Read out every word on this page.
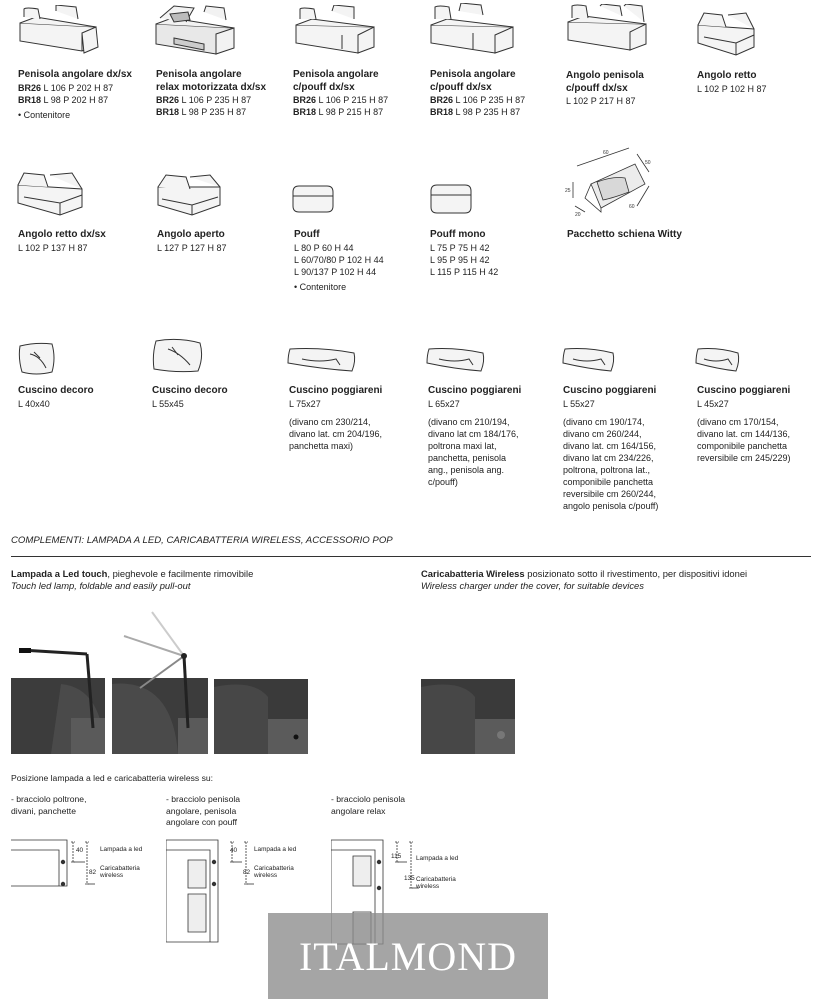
Penisola angolare dx/sx
BR26 L 106 P 202 H 87
BR18 L 98 P 202 H 87
• Contenitore
Penisola angolare
relax motorizzata dx/sx
BR26 L 106 P 235 H 87
BR18 L 98 P 235 H 87
Penisola angolare
c/pouff dx/sx
BR26 L 106 P 215 H 87
BR18 L 98 P 215 H 87
Penisola angolare
c/pouff dx/sx
BR26 L 106 P 235 H 87
BR18 L 98 P 235 H 87
Angolo penisola
c/pouff dx/sx
L 102 P 217 H 87
Angolo retto
L 102 P 102 H 87
60
50
25
20
60
Angolo retto dx/sx
L 102 P 137 H 87
Angolo aperto
L 127 P 127 H 87
Pouff
L 80 P 60 H 44
L 60/70/80 P 102 H 44
L 90/137 P 102 H 44
• Contenitore
Pouff mono
L 75 P 75 H 42
L 95 P 95 H 42
L 115 P 115 H 42
Pacchetto schiena Witty
Cuscino decoro
L 40x40
Cuscino decoro
L 55x45
Cuscino poggiareni
L 75x27
(divano cm 230/214,
divano lat. cm 204/196,
panchetta maxi)
Cuscino poggiareni
L 65x27
(divano cm 210/194,
divano lat cm 184/176,
poltrona maxi lat,
panchetta, penisola
ang., penisola ang.
c/pouff)
Cuscino poggiareni
L 55x27
(divano cm 190/174,
divano cm 260/244,
divano lat. cm 164/156,
divano lat cm 234/226,
poltrona, poltrona lat.,
componibile panchetta
reversibile cm 260/244,
angolo penisola c/pouff)
Cuscino poggiareni
L 45x27
(divano cm 170/154,
divano lat. cm 144/136,
componibile panchetta
reversibile cm 245/229)
COMPLEMENTI: LAMPADA A LED, CARICABATTERIA WIRELESS, ACCESSORIO POP
Lampada a Led touch, pieghevole e facilmente rimovibile
Touch led lamp, foldable and easily pull-out
Caricabatteria Wireless posizionato sotto il rivestimento, per dispositivi idonei
Wireless charger under the cover, for suitable devices
Posizione lampada a led e caricabatteria wireless su:
- bracciolo poltrone,
divani, panchette
- bracciolo penisola
angolare, penisola
angolare con pouff
- bracciolo penisola
angolare relax
40
82
Lampada a led
Caricabatteria
wireless
40
82
Lampada a led
Caricabatteria
wireless
115
135
Lampada a led
Caricabatteria
wireless
ITALMOND
